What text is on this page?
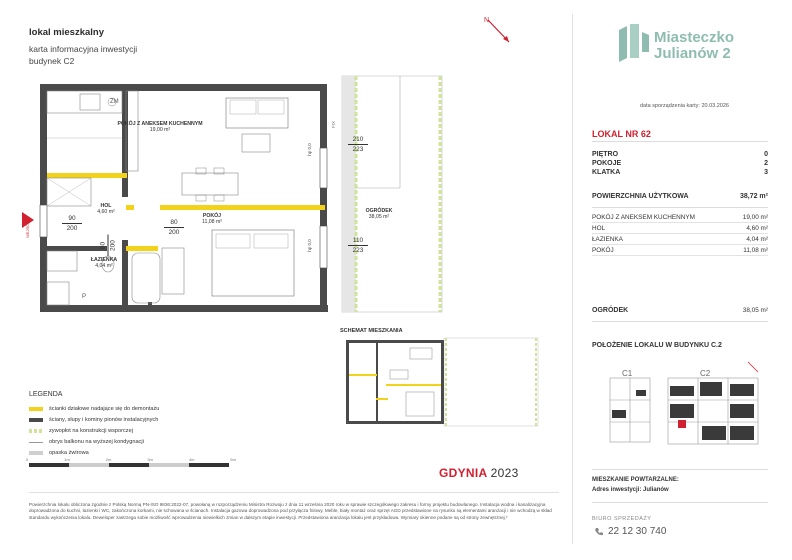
lokal mieszkalny
karta informacyjna inwestycji
budynek C2
N
Miasteczko
Julianów 2
data sporządzenia karty: 20.03.2026
LOKAL NR 62
PIĘTRO	0
POKOJE	2
KLATKA	3
POWIERZCHNIA UŻYTKOWA	38,72 m²
POKÓJ Z ANEKSEM KUCHENNYM	19,00 m²
HOL	4,60 m²
ŁAZIENKA	4,04 m²
POKÓJ	11,08 m²
OGRÓDEK	38,05 m²
POŁOŻENIE LOKALU W BUDYNKU C.2
C1	C2
MIESZKANIE POWTARZALNE:
Adres inwestycji: Julianów
BIURO SPRZEDAŻY
22 12 30 740
WEJŚCIE
POKÓJ Z ANEKSEM KUCHENNYM
19,00 m²
HOL
4,60 m²
POKÓJ
11,08 m²
ŁAZIENKA
4,04 m²
OGRÓDEK
38,05 m²
ZM
P
FIX
90
200
80 200
80
200
210
223
110
223
hp 0,0
hp 0,0
SCHEMAT MIESZKANIA
LEGENDA
ścianki działowe nadające się do demontażu
ściany, słupy i kominy pionów instalacyjnych
zywopłot na konstrukcji wsporczej
obrys balkonu na wyższej kondygnacji
opaska żwirowa
0	1m	2m	3m	4m	5m
GDYNIA 2023
Powierzchnia lokalu obliczona zgodnie z Polską Normą PN-ISO 9836:2022-07, powołaną w rozporządzeniu Ministra Rozwoju z dnia 11 września 2020 roku w sprawie szczegółowego zakresu i formy projektu budowlanego. Instalacja wodna i kanalizacyjna doprowadzona do kuchni, łazienki i WC, zakończona korkami, nie schowana w ścianach. Instalacja gazowa doprowadzona pod przyłącza folowy. Meble, biały montaż oraz sprzęt AGD przedstawione na rysunku są elementami aranżacji i nie wchodzą w skład standardu wykończenia lokalu. Deweloper zastrzega sobie możliwość wprowadzenia niewielkich zmian w dalszym etapie inwestycji. Przedstawiona aranżacja lokalu jest przykładowa. Wymiary okienne podane są od strony zewnętrznej.*
